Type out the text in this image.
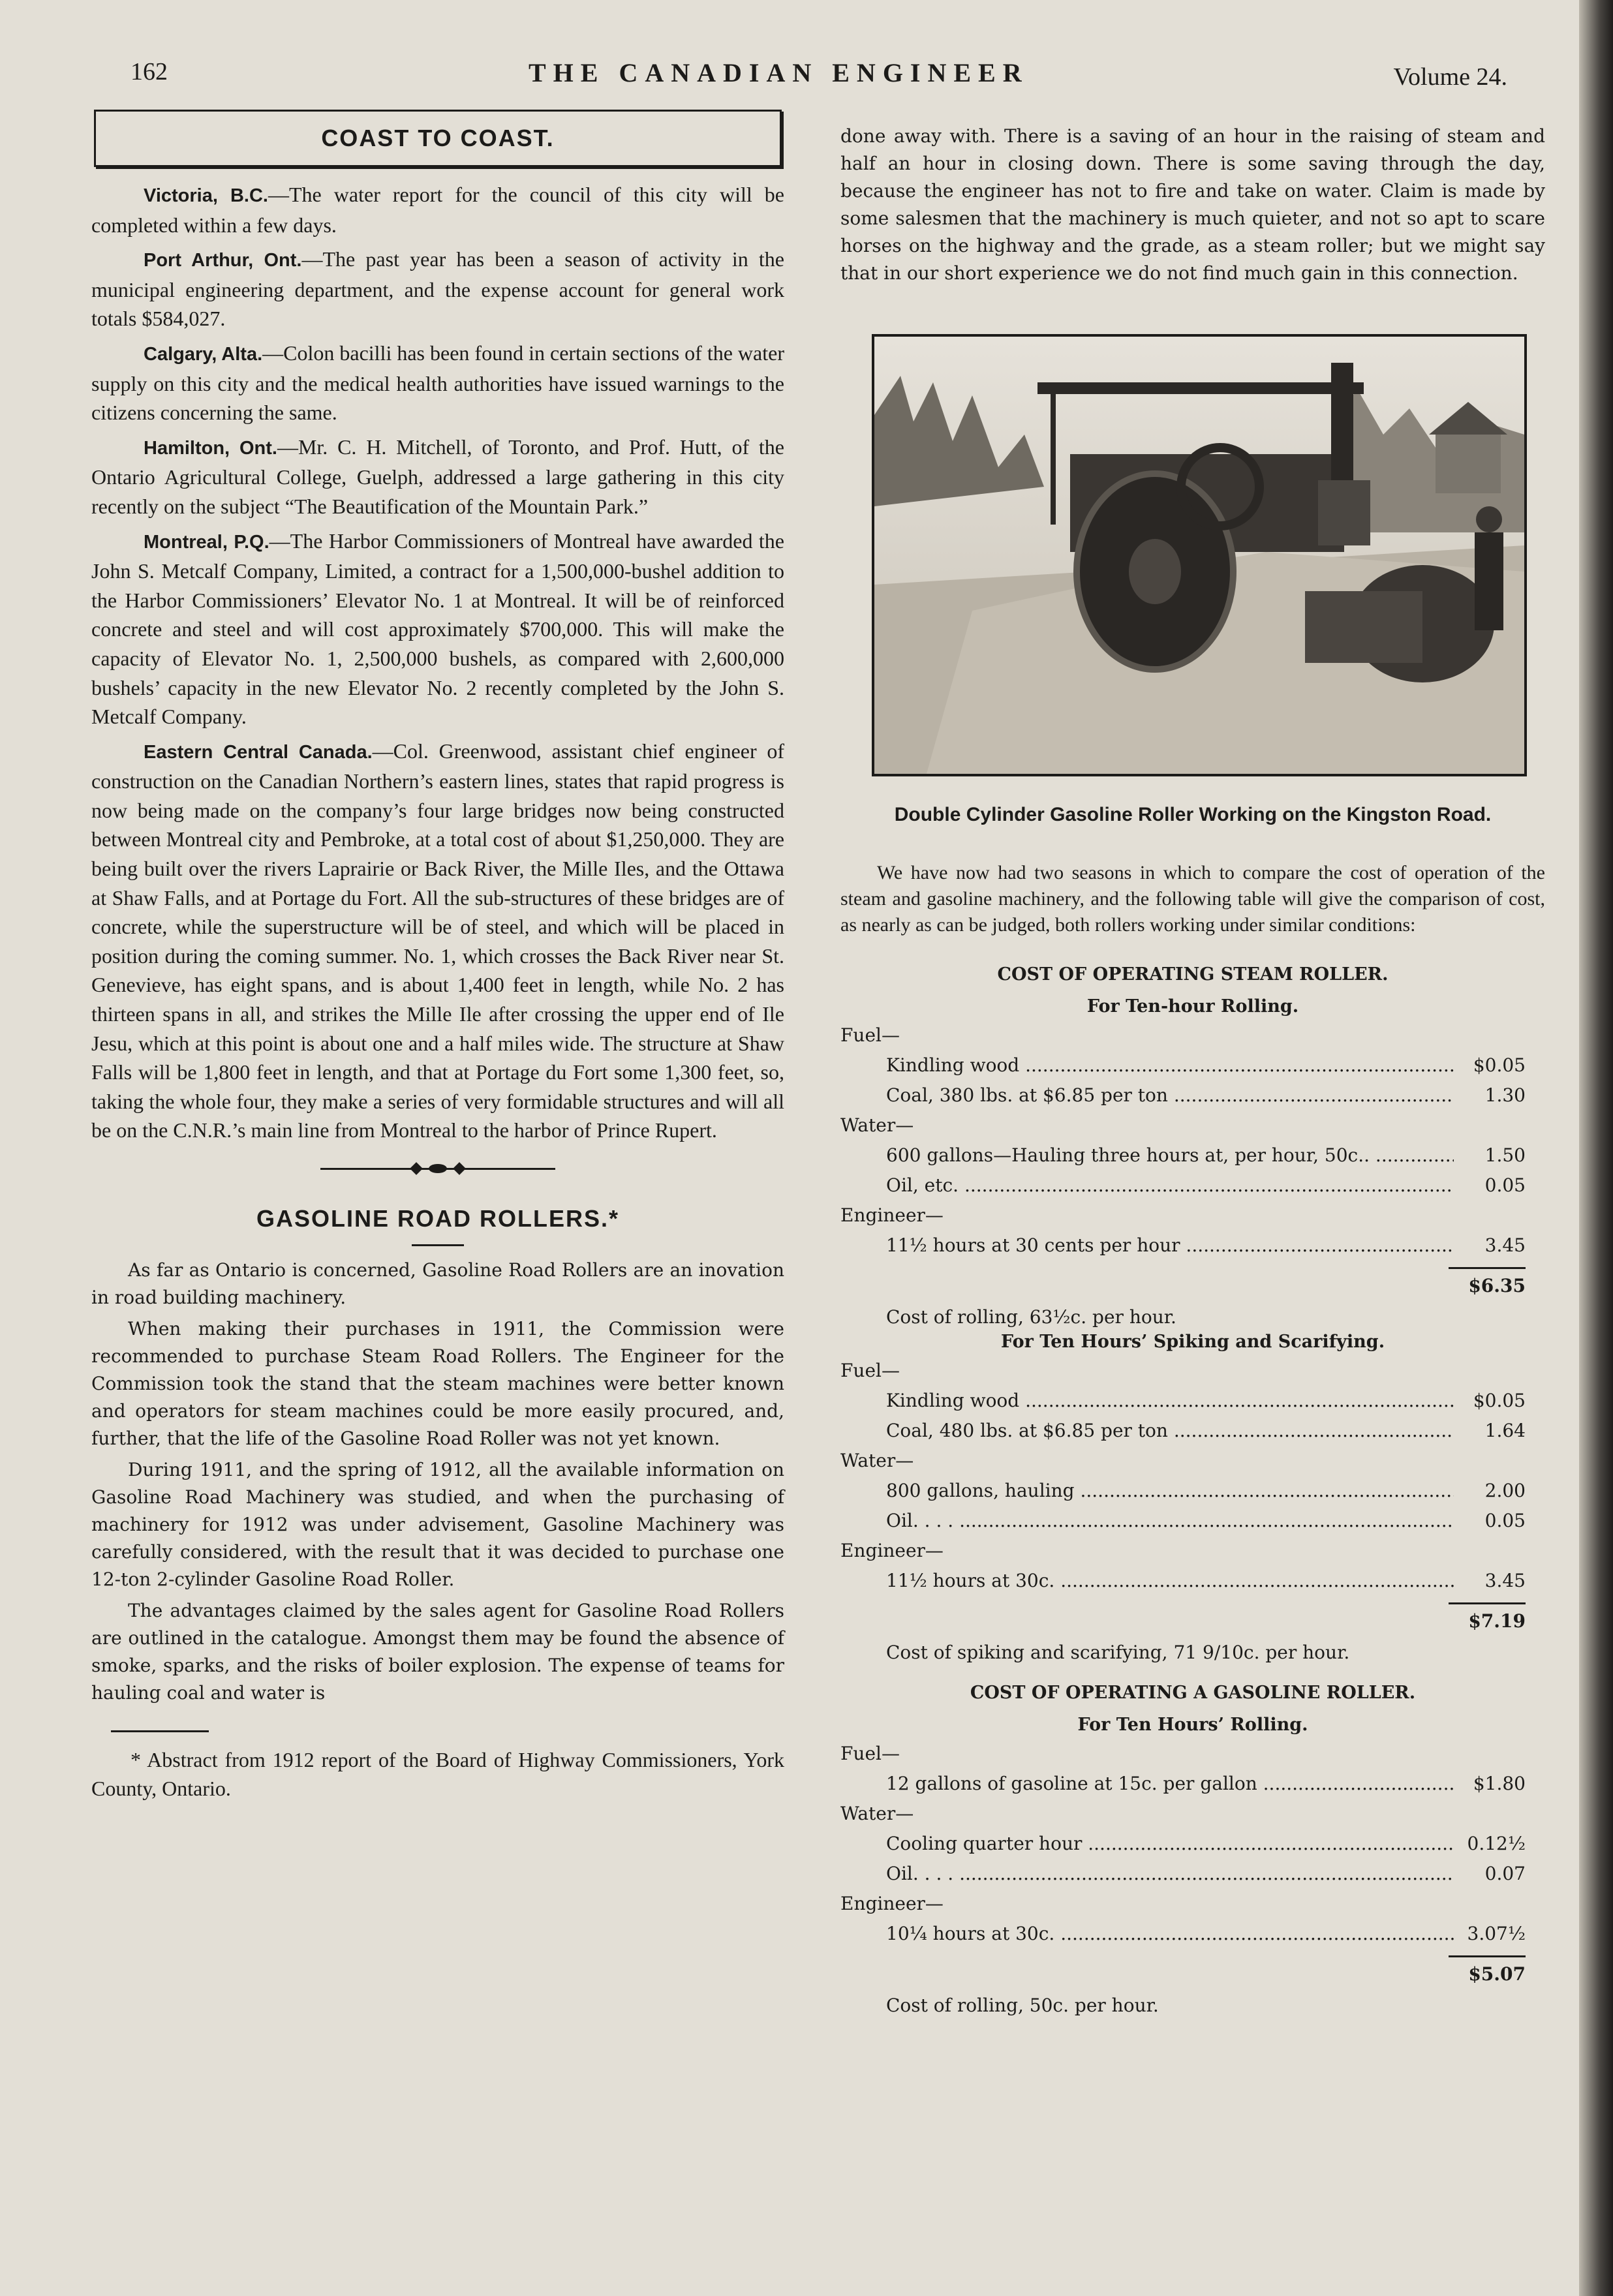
162	THE CANADIAN ENGINEER	Volume 24.
COAST TO COAST.

Victoria, B.C.—The water report for the council of this city will be completed within a few days.

Port Arthur, Ont.—The past year has been a season of activity in the municipal engineering department, and the expense account for general work totals $584,027.

Calgary, Alta.—Colon bacilli has been found in certain sections of the water supply on this city and the medical health authorities have issued warnings to the citizens concerning the same.

Hamilton, Ont.—Mr. C. H. Mitchell, of Toronto, and Prof. Hutt, of the Ontario Agricultural College, Guelph, addressed a large gathering in this city recently on the subject “The Beautification of the Mountain Park.”

Montreal, P.Q.—The Harbor Commissioners of Montreal have awarded the John S. Metcalf Company, Limited, a contract for a 1,500,000-bushel addition to the Harbor Commissioners’ Elevator No. 1 at Montreal. It will be of reinforced concrete and steel and will cost approximately $700,000. This will make the capacity of Elevator No. 1, 2,500,000 bushels, as compared with 2,600,000 bushels’ capacity in the new Elevator No. 2 recently completed by the John S. Metcalf Company.

Eastern Central Canada.—Col. Greenwood, assistant chief engineer of construction on the Canadian Northern’s eastern lines, states that rapid progress is now being made on the company’s four large bridges now being constructed between Montreal city and Pembroke, at a total cost of about $1,250,000. They are being built over the rivers Laprairie or Back River, the Mille Iles, and the Ottawa at Shaw Falls, and at Portage du Fort. All the sub-structures of these bridges are of concrete, while the superstructure will be of steel, and which will be placed in position during the coming summer. No. 1, which crosses the Back River near St. Genevieve, has eight spans, and is about 1,400 feet in length, while No. 2 has thirteen spans in all, and strikes the Mille Ile after crossing the upper end of Ile Jesu, which at this point is about one and a half miles wide. The structure at Shaw Falls will be 1,800 feet in length, and that at Portage du Fort some 1,300 feet, so, taking the whole four, they make a series of very formidable structures and will all be on the C.N.R.’s main line from Montreal to the harbor of Prince Rupert.

GASOLINE ROAD ROLLERS.*

As far as Ontario is concerned, Gasoline Road Rollers are an inovation in road building machinery.

When making their purchases in 1911, the Commission were recommended to purchase Steam Road Rollers. The Engineer for the Commission took the stand that the steam machines were better known and operators for steam machines could be more easily procured, and, further, that the life of the Gasoline Road Roller was not yet known.

During 1911, and the spring of 1912, all the available information on Gasoline Road Machinery was studied, and when the purchasing of machinery for 1912 was under advisement, Gasoline Machinery was carefully considered, with the result that it was decided to purchase one 12-ton 2-cylinder Gasoline Road Roller.

The advantages claimed by the sales agent for Gasoline Road Rollers are outlined in the catalogue. Amongst them may be found the absence of smoke, sparks, and the risks of boiler explosion. The expense of teams for hauling coal and water is

* Abstract from 1912 report of the Board of Highway Commissioners, York County, Ontario.

done away with. There is a saving of an hour in the raising of steam and half an hour in closing down. There is some saving through the day, because the engineer has not to fire and take on water. Claim is made by some salesmen that the machinery is much quieter, and not so apt to scare horses on the highway and the grade, as a steam roller; but we might say that in our short experience we do not find much gain in this connection.

Double Cylinder Gasoline Roller Working on the Kingston Road.

We have now had two seasons in which to compare the cost of operation of the steam and gasoline machinery, and the following table will give the comparison of cost, as nearly as can be judged, both rollers working under similar conditions:

COST OF OPERATING STEAM ROLLER.
For Ten-hour Rolling.
Fuel—
Kindling wood .....	$0.05
Coal, 380 lbs. at $6.85 per ton .....	1.30
Water—
600 gallons—Hauling three hours at, per hour, 50c.. .....	1.50
Oil, etc. .....	0.05
Engineer—
11½ hours at 30 cents per hour .....	3.45
$6.35
Cost of rolling, 63½c. per hour.
For Ten Hours’ Spiking and Scarifying.
Fuel—
Kindling wood .....	$0.05
Coal, 480 lbs. at $6.85 per ton .....	1.64
Water—
800 gallons, hauling .....	2.00
Oil. . . . .....	0.05
Engineer—
11½ hours at 30c. .....	3.45
$7.19
Cost of spiking and scarifying, 71 9/10c. per hour.
COST OF OPERATING A GASOLINE ROLLER.
For Ten Hours’ Rolling.
Fuel—
12 gallons of gasoline at 15c. per gallon .....	$1.80
Water—
Cooling quarter hour .....	0.12½
Oil. . . . .....	0.07
Engineer—
10¼ hours at 30c. .....	3.07½
$5.07
Cost of rolling, 50c. per hour.
